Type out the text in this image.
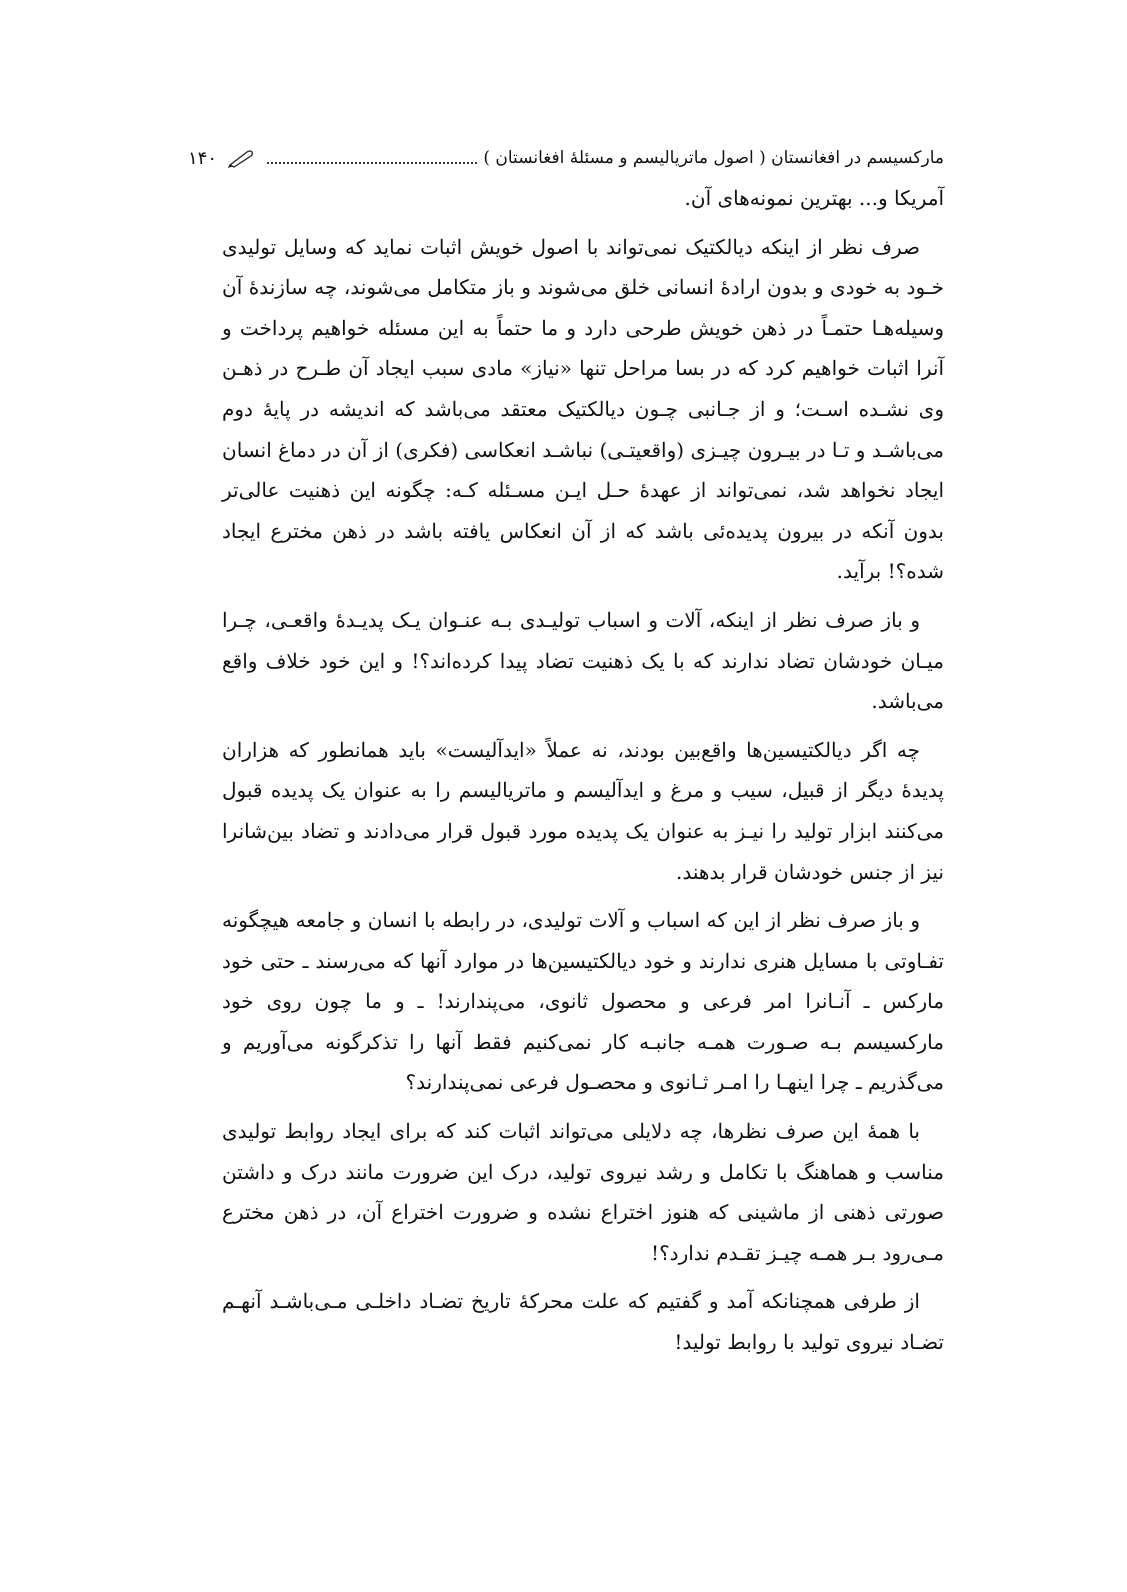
مارکسیسم در افغانستان ( اصول ماتریالیسم و مسئلهٔ افغانستان )
۱۴۰

آمریکا و... بهترین نمونه‌های آن.

صرف نظر از اینکه دیالکتیک نمی‌تواند با اصول خویش اثبات نماید که وسایل تولیدی خـود به خودی و بدون ارادهٔ انسانی خلق می‌شوند و باز متکامل می‌شوند، چه سازندهٔ آن وسیله‌هـا حتمـاً در ذهن خویش طرحی دارد و ما حتماً به این مسئله خواهیم پرداخت و آنرا اثبات خواهیم کرد که در بسا مراحل تنها «نیاز» مادی سبب ایجاد آن طـرح در ذهـن وی نشـده اسـت؛ و از جـانبی چـون دیالکتیک معتقد می‌باشد که اندیشه در پایهٔ دوم می‌باشـد و تـا در بیـرون چیـزی (واقعیتـی) نباشـد انعکاسی (فکری) از آن در دماغ انسان ایجاد نخواهد شد، نمی‌تواند از عهدهٔ حـل ایـن مسـئله کـه: چگونه این ذهنیت عالی‌تر بدون آنکه در بیرون پدیده‌ئی باشد که از آن انعکاس یافته باشد در ذهن مخترع ایجاد شده؟! برآید.

و باز صرف نظر از اینکه، آلات و اسباب تولیـدی بـه عنـوان یـک پدیـدهٔ واقعـی، چـرا میـان خودشان تضاد ندارند که با یک ذهنیت تضاد پیدا کرده‌اند؟! و این خود خلاف واقع می‌باشد.

چه اگر دیالکتیسین‌ها واقع‌بین بودند، نه عملاً «ایدآلیست» باید همانطور که هزاران پدیدهٔ دیگر از قبیل، سیب و مرغ و ایدآلیسم و ماتریالیسم را به عنوان یک پدیده قبول می‌کنند ابزار تولید را نیـز به عنوان یک پدیده مورد قبول قرار می‌دادند و تضاد بین‌شانرا نیز از جنس خودشان قرار بدهند.

و باز صرف نظر از این که اسباب و آلات تولیدی، در رابطه با انسان و جامعه هیچگونه تفـاوتی با مسایل هنری ندارند و خود دیالکتیسین‌ها در موارد آنها که می‌رسند ـ حتی خود مارکس ـ آنـانرا امر فرعی و محصول ثانوی، می‌پندارند! ـ و ما چون روی خود مارکسیسم بـه صـورت همـه جانبـه کار نمی‌کنیم فقط آنها را تذکرگونه می‌آوریم و می‌گذریم ـ چرا اینهـا را امـر ثـانوی و محصـول فرعی نمی‌پندارند؟

با همهٔ این صرف نظرها، چه دلایلی می‌تواند اثبات کند که برای ایجاد روابط تولیدی مناسب و هماهنگ با تکامل و رشد نیروی تولید، درک این ضرورت مانند درک و داشتن صورتی ذهنی از ماشینی که هنوز اختراع نشده و ضرورت اختراع آن، در ذهن مخترع مـی‌رود بـر همـه چیـز تقـدم ندارد؟!

از طرفی همچنانکه آمد و گفتیم که علت محرکهٔ تاریخ تضـاد داخلـی مـی‌باشـد آنهـم تضـاد نیروی تولید با روابط تولید!
